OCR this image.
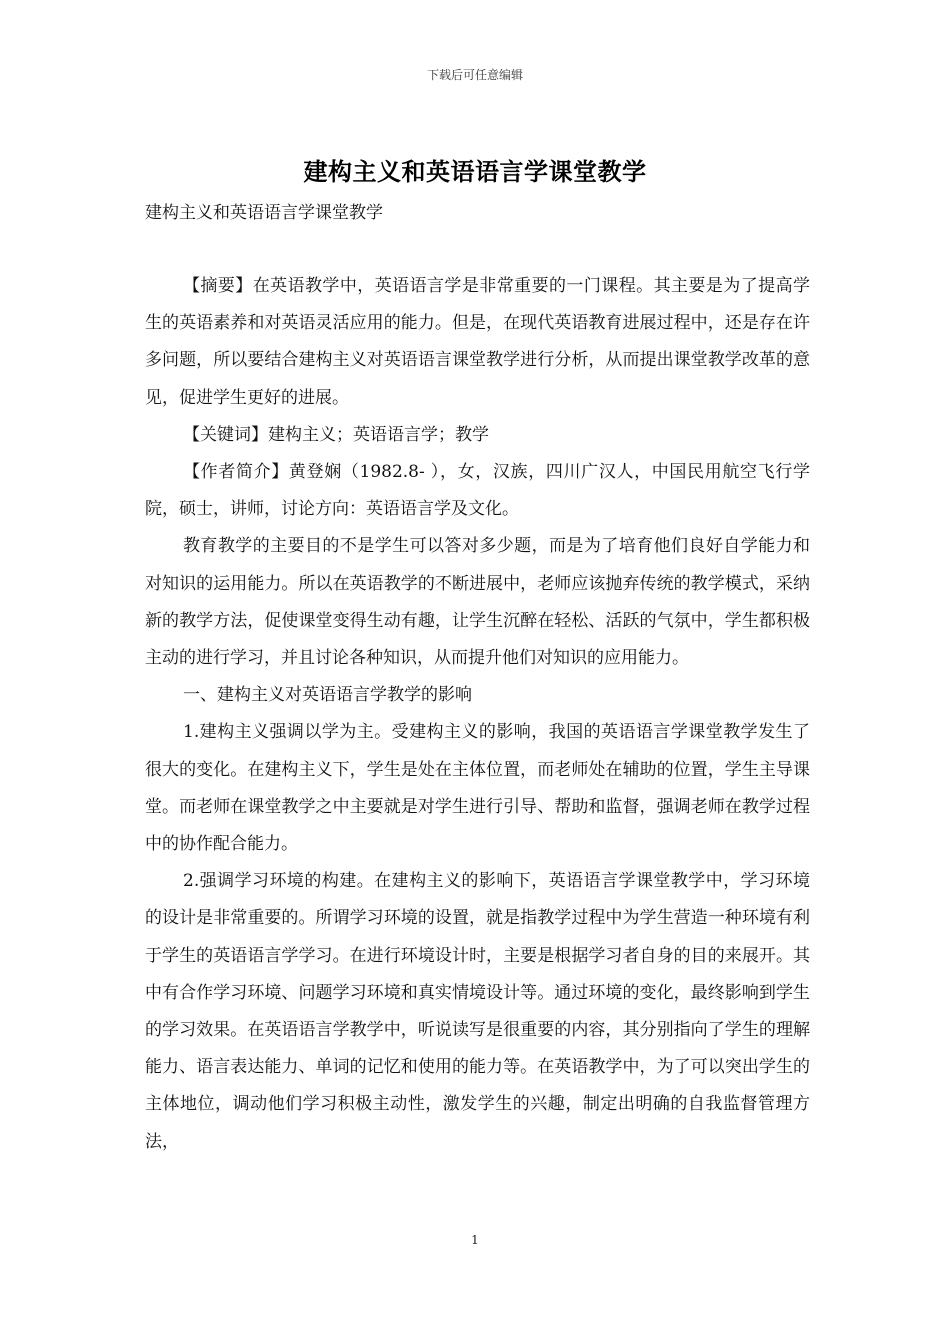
下载后可任意编辑
建构主义和英语语言学课堂教学
建构主义和英语语言学课堂教学

【摘要】在英语教学中，英语语言学是非常重要的一门课程。其主要是为了提高学生的英语素养和对英语灵活应用的能力。但是，在现代英语教育进展过程中，还是存在许多问题，所以要结合建构主义对英语语言课堂教学进行分析，从而提出课堂教学改革的意见，促进学生更好的进展。

【关键词】建构主义；英语语言学；教学

【作者简介】黄登娴（1982.8- ），女，汉族，四川广汉人，中国民用航空飞行学院，硕士，讲师，讨论方向：英语语言学及文化。

教育教学的主要目的不是学生可以答对多少题，而是为了培育他们良好自学能力和对知识的运用能力。所以在英语教学的不断进展中，老师应该抛弃传统的教学模式，采纳新的教学方法，促使课堂变得生动有趣，让学生沉醉在轻松、活跃的气氛中，学生都积极主动的进行学习，并且讨论各种知识，从而提升他们对知识的应用能力。

一、建构主义对英语语言学教学的影响

1.建构主义强调以学为主。受建构主义的影响，我国的英语语言学课堂教学发生了很大的变化。在建构主义下，学生是处在主体位置，而老师处在辅助的位置，学生主导课堂。而老师在课堂教学之中主要就是对学生进行引导、帮助和监督，强调老师在教学过程中的协作配合能力。

2.强调学习环境的构建。在建构主义的影响下，英语语言学课堂教学中，学习环境的设计是非常重要的。所谓学习环境的设置，就是指教学过程中为学生营造一种环境有利于学生的英语语言学学习。在进行环境设计时，主要是根据学习者自身的目的来展开。其中有合作学习环境、问题学习环境和真实情境设计等。通过环境的变化，最终影响到学生的学习效果。在英语语言学教学中，听说读写是很重要的内容，其分别指向了学生的理解能力、语言表达能力、单词的记忆和使用的能力等。在英语教学中，为了可以突出学生的主体地位，调动他们学习积极主动性，激发学生的兴趣，制定出明确的自我监督管理方法，

1
